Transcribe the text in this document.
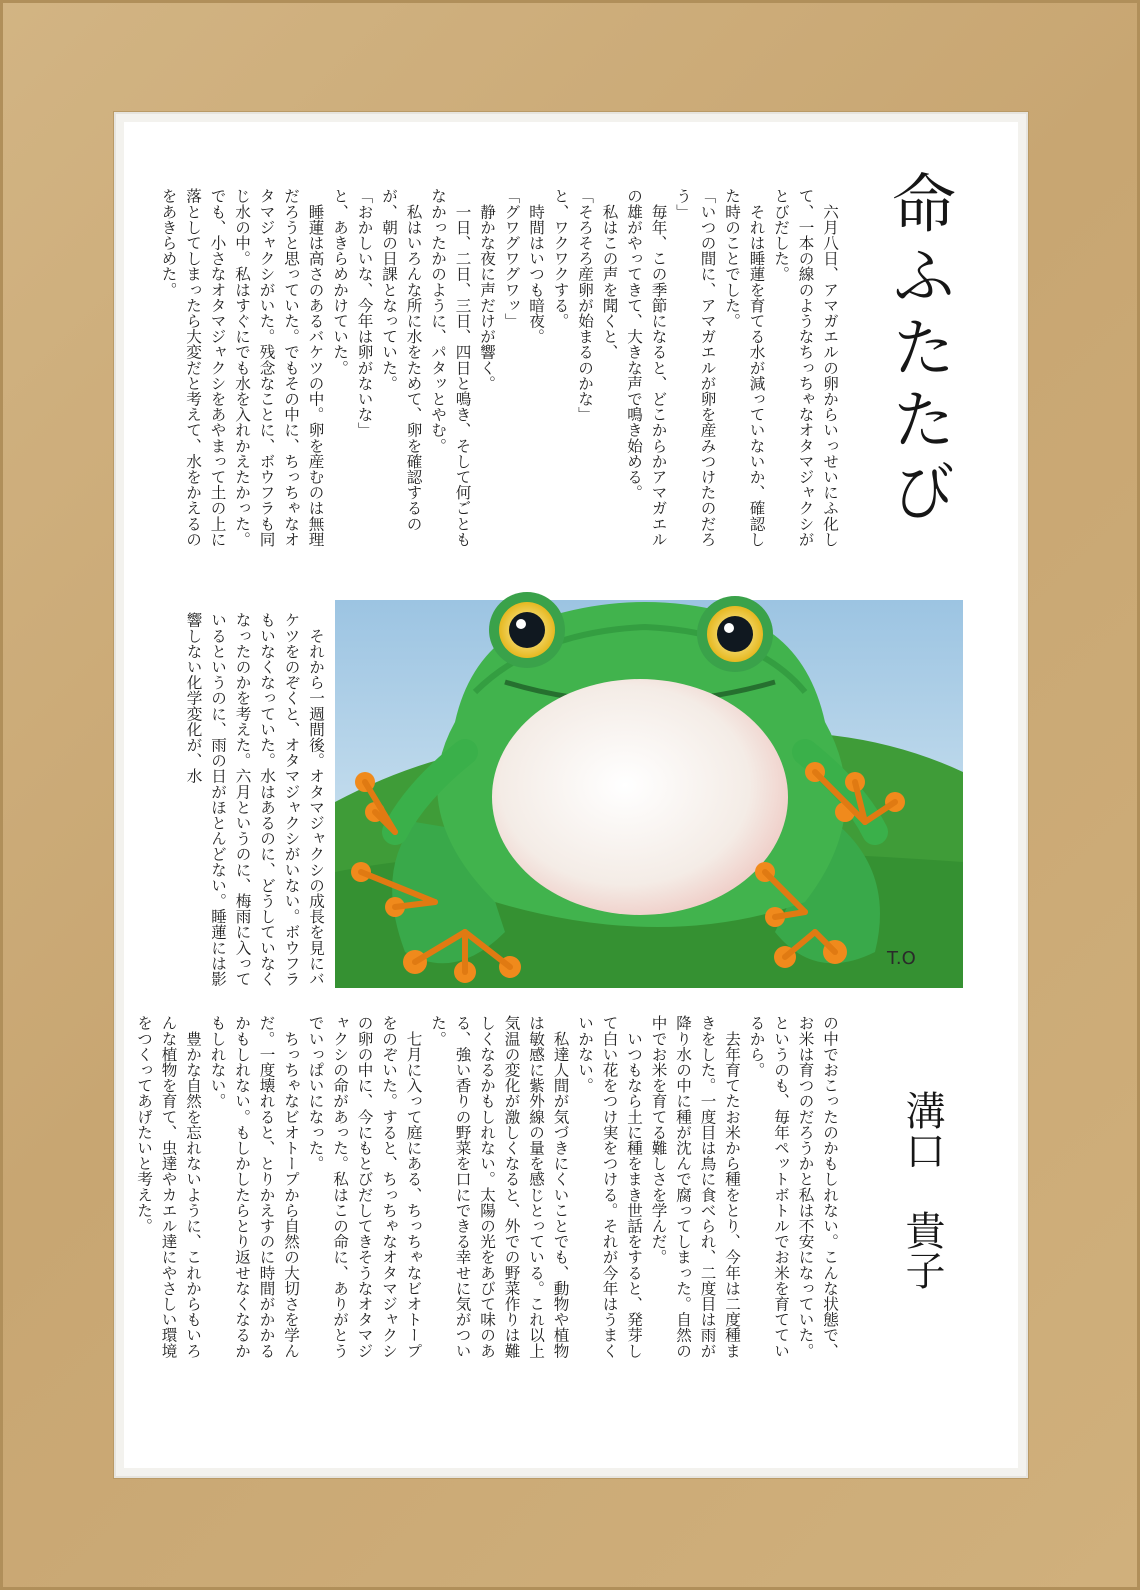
命ふたたび
　六月八日、アマガエルの卵からいっせいにふ化して、一本の線のようなちっちゃなオタマジャクシがとびだした。
　それは睡蓮を育てる水が減っていないか、確認した時のことでした。
「いつの間に、アマガエルが卵を産みつけたのだろう」
　毎年、この季節になると、どこからかアマガエルの雄がやってきて、大きな声で鳴き始める。
　私はこの声を聞くと、
「そろそろ産卵が始まるのかな」
と、ワクワクする。
　時間はいつも暗夜。
「グワグワグワッ」
　静かな夜に声だけが響く。
　一日、二日、三日、四日と鳴き、そして何ごともなかったかのように、パタッとやむ。
　私はいろんな所に水をためて、卵を確認するのが、朝の日課となっていた。
「おかしいな、今年は卵がないな」
と、あきらめかけていた。
　睡蓮は高さのあるバケツの中。卵を産むのは無理だろうと思っていた。でもその中に、ちっちゃなオタマジャクシがいた。残念なことに、ボウフラも同じ水の中。私はすぐにでも水を入れかえたかった。でも、小さなオタマジャクシをあやまって土の上に落としてしまったら大変だと考えて、水をかえるのをあきらめた。
T.O
　それから一週間後。オタマジャクシの成長を見にバケツをのぞくと、オタマジャクシがいない。ボウフラもいなくなっていた。水はあるのに、どうしていなくなったのかを考えた。六月というのに、梅雨に入っているというのに、雨の日がほとんどない。睡蓮には影響しない化学変化が、水
の中でおこったのかもしれない。こんな状態で、お米は育つのだろうかと私は不安になっていた。というのも、毎年ペットボトルでお米を育てているから。
　去年育てたお米から種をとり、今年は二度種まきをした。一度目は鳥に食べられ、二度目は雨が降り水の中に種が沈んで腐ってしまった。自然の中でお米を育てる難しさを学んだ。
　いつもなら土に種をまき世話をすると、発芽して白い花をつけ実をつける。それが今年はうまくいかない。
　私達人間が気づきにくいことでも、動物や植物は敏感に紫外線の量を感じとっている。これ以上気温の変化が激しくなると、外での野菜作りは難しくなるかもしれない。太陽の光をあびて味のある、強い香りの野菜を口にできる幸せに気がついた。
　七月に入って庭にある、ちっちゃなビオトープをのぞいた。すると、ちっちゃなオタマジャクシの卵の中に、今にもとびだしてきそうなオタマジャクシの命があった。私はこの命に、ありがとうでいっぱいになった。
　ちっちゃなビオトープから自然の大切さを学んだ。一度壊れると、とりかえすのに時間がかかるかもしれない。もしかしたらとり返せなくなるかもしれない。
　豊かな自然を忘れないように、これからもいろんな植物を育て、虫達やカエル達にやさしい環境をつくってあげたいと考えた。	溝口　貴子
